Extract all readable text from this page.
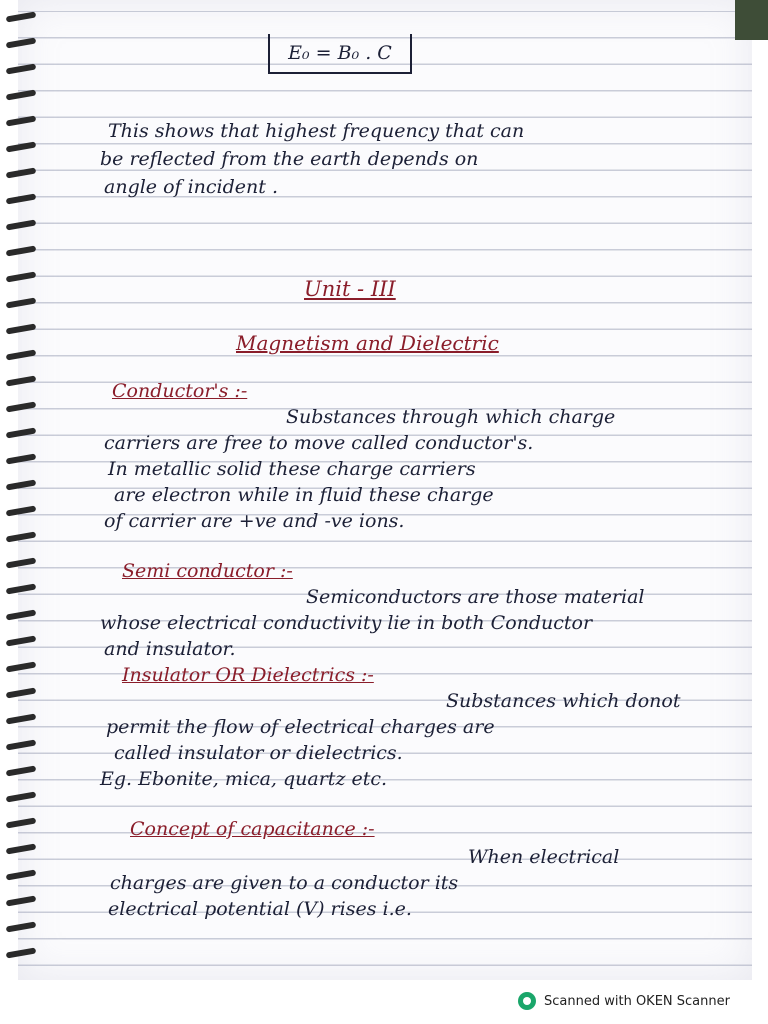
E₀ = B₀ . C
This shows that highest frequency that can
be reflected from the earth depends on
angle of incident .
Unit - III
Magnetism and Dielectric
Conductor's :-
Substances through which charge
carriers are free to move called conductor's.
In metallic solid these charge carriers
are electron while in fluid these charge
of carrier are +ve and -ve ions.
Semi conductor :-
Semiconductors are those material
whose electrical conductivity lie in both Conductor
and insulator.
Insulator OR Dielectrics :-
Substances which donot
permit the flow of electrical charges are
called insulator or dielectrics.
Eg. Ebonite, mica, quartz etc.
Concept of capacitance :-
When electrical
charges are given to a conductor its
electrical potential (V) rises i.e.
Scanned with OKEN Scanner
